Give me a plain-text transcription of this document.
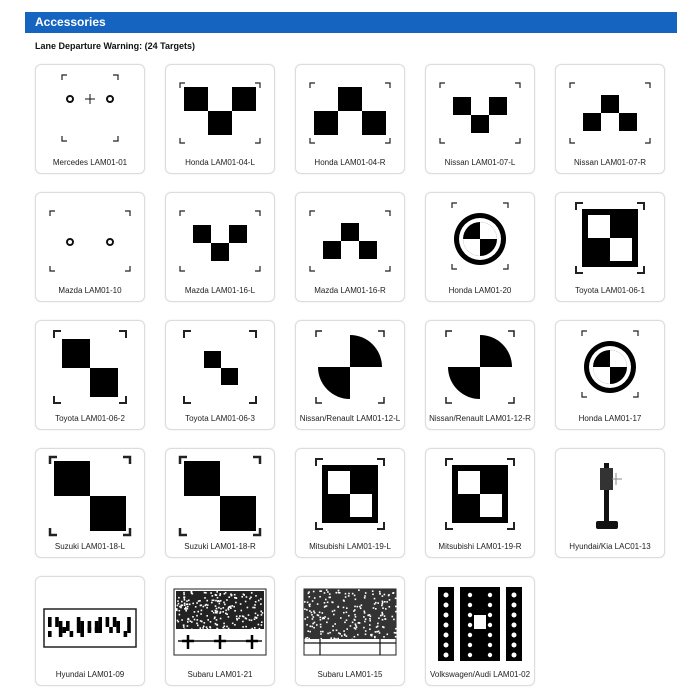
Accessories
Lane Departure Warning: (24 Targets)
Mercedes LAM01-01	Honda LAM01-04-L	Honda LAM01-04-R	Nissan LAM01-07-L	Nissan LAM01-07-R
Mazda LAM01-10	Mazda LAM01-16-L	Mazda LAM01-16-R	Honda LAM01-20	Toyota LAM01-06-1
Toyota LAM01-06-2	Toyota LAM01-06-3	Nissan/Renault LAM01-12-L	Nissan/Renault LAM01-12-R	Honda LAM01-17
Suzuki LAM01-18-L	Suzuki LAM01-18-R	Mitsubishi LAM01-19-L	Mitsubishi LAM01-19-R	Hyundai/Kia LAC01-13
Hyundai LAM01-09	Subaru LAM01-21	Subaru LAM01-15	Volkswagen/Audi LAM01-02
